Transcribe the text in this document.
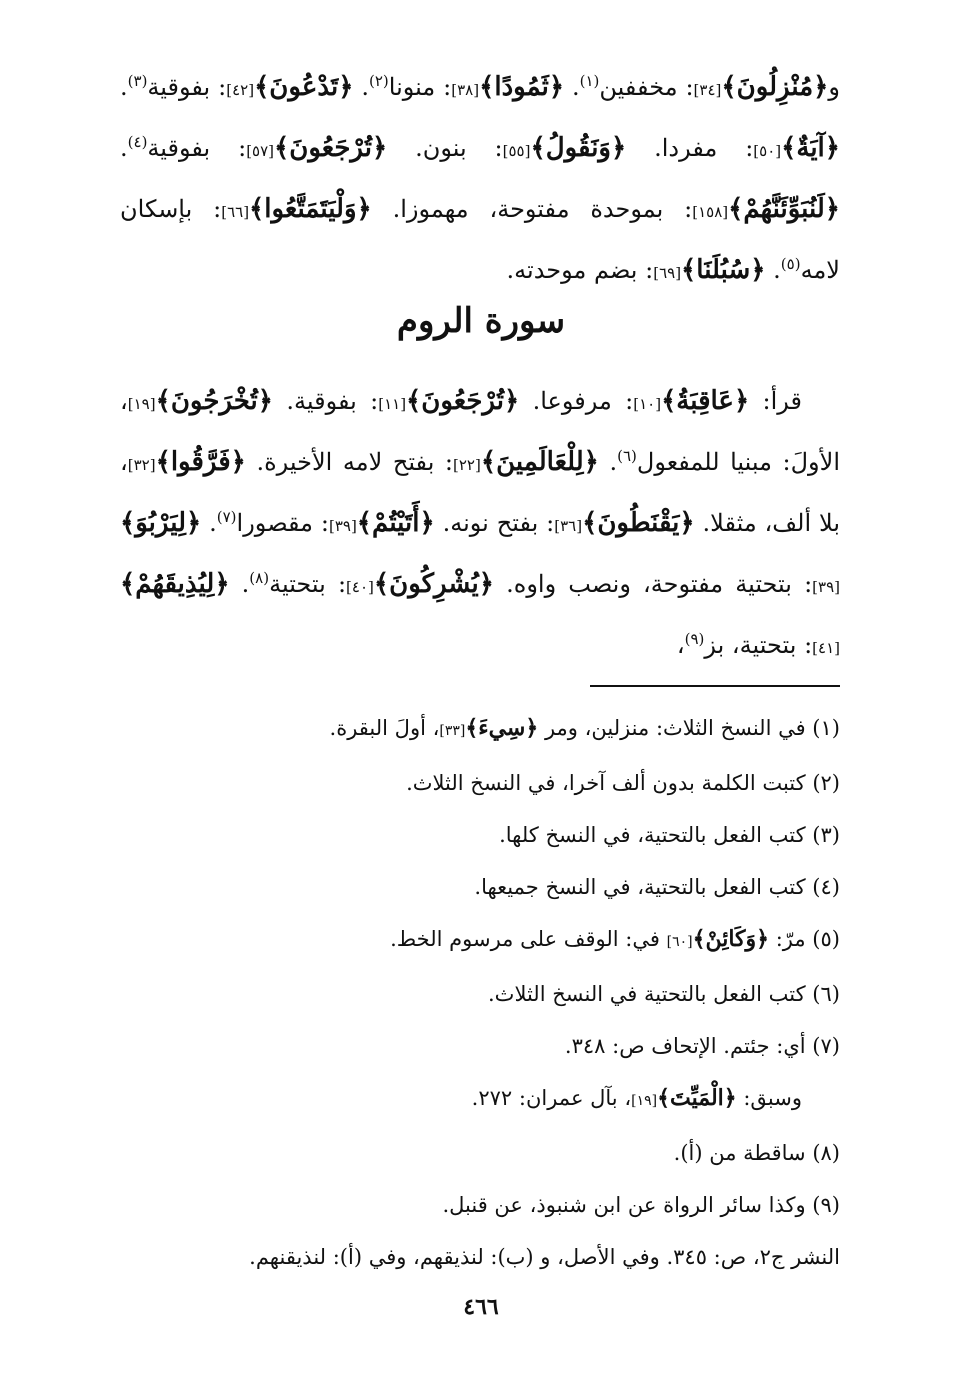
و﴿مُنْزِلُونَ﴾[٣٤]: مخففين$^{(١)}$. ﴿ثَمُودًا﴾[٣٨]: منونا$^{(٢)}$. ﴿تَدْعُونَ﴾[٤٢]: بفوقية$^{(٣)}$. ﴿آيَةٌ﴾[٥٠]: مفردا. ﴿وَنَقُولُ﴾[٥٥]: بنون. ﴿تُرْجَعُونَ﴾[٥٧]: بفوقية$^{(٤)}$. ﴿لَنُبَوِّئَنَّهُمْ﴾[١٥٨]: بموحدة مفتوحة، مهموزا. ﴿وَلْيَتَمَتَّعُوا﴾[٦٦]: بإسكان لامه$^{(٥)}$. ﴿سُبُلَنَا﴾[٦٩]: بضم موحدته.

سورة الروم

قرأ: ﴿عَاقِبَةُ﴾[١٠]: مرفوعا. ﴿تُرْجَعُونَ﴾[١١]: بفوقية. ﴿تُخْرَجُونَ﴾[١٩]، الأولَ: مبنيا للمفعول$^{(٦)}$. ﴿لِلْعَالَمِينَ﴾[٢٢]: بفتح لامه الأخيرة. ﴿فَرَّقُوا﴾[٣٢]، بلا ألف، مثقلا. ﴿يَقْنَطُونَ﴾[٣٦]: بفتح نونه. ﴿أَتَيْتُمْ﴾[٣٩]: مقصورا$^{(٧)}$. ﴿لِيَرْبُوَ﴾[٣٩]: بتحتية مفتوحة، ونصب واوه. ﴿يُشْرِكُونَ﴾[٤٠]: بتحتية$^{(٨)}$. ﴿لِيُذِيقَهُمْ﴾[٤١]: بتحتية، بز$^{(٩)}$،

(١) في النسخ الثلاث: منزلين، ومر ﴿سِيءَ﴾[٣٣]، أولَ البقرة.
(٢) كتبت الكلمة بدون ألف آخرا، في النسخ الثلاث.
(٣) كتب الفعل بالتحتية، في النسخ كلها.
(٤) كتب الفعل بالتحتية، في النسخ جميعها.
(٥) مرّ: ﴿وَكَائِنْ﴾[٦٠] في: الوقف على مرسوم الخط.
(٦) كتب الفعل بالتحتية في النسخ الثلاث.
(٧) أي: جئتم. الإتحاف ص: ٣٤٨.
وسبق: ﴿الْمَيِّتَ﴾[١٩]، بآل عمران: ٢٧٢.
(٨) ساقطة من (أ).
(٩) وكذا سائر الرواة عن ابن شنبوذ، عن قنبل.
النشر ج٢، ص: ٣٤٥. وفي الأصل، و (ب): لنذيقهم، وفي (أ): لنذيقنهم.
٤٦٦
